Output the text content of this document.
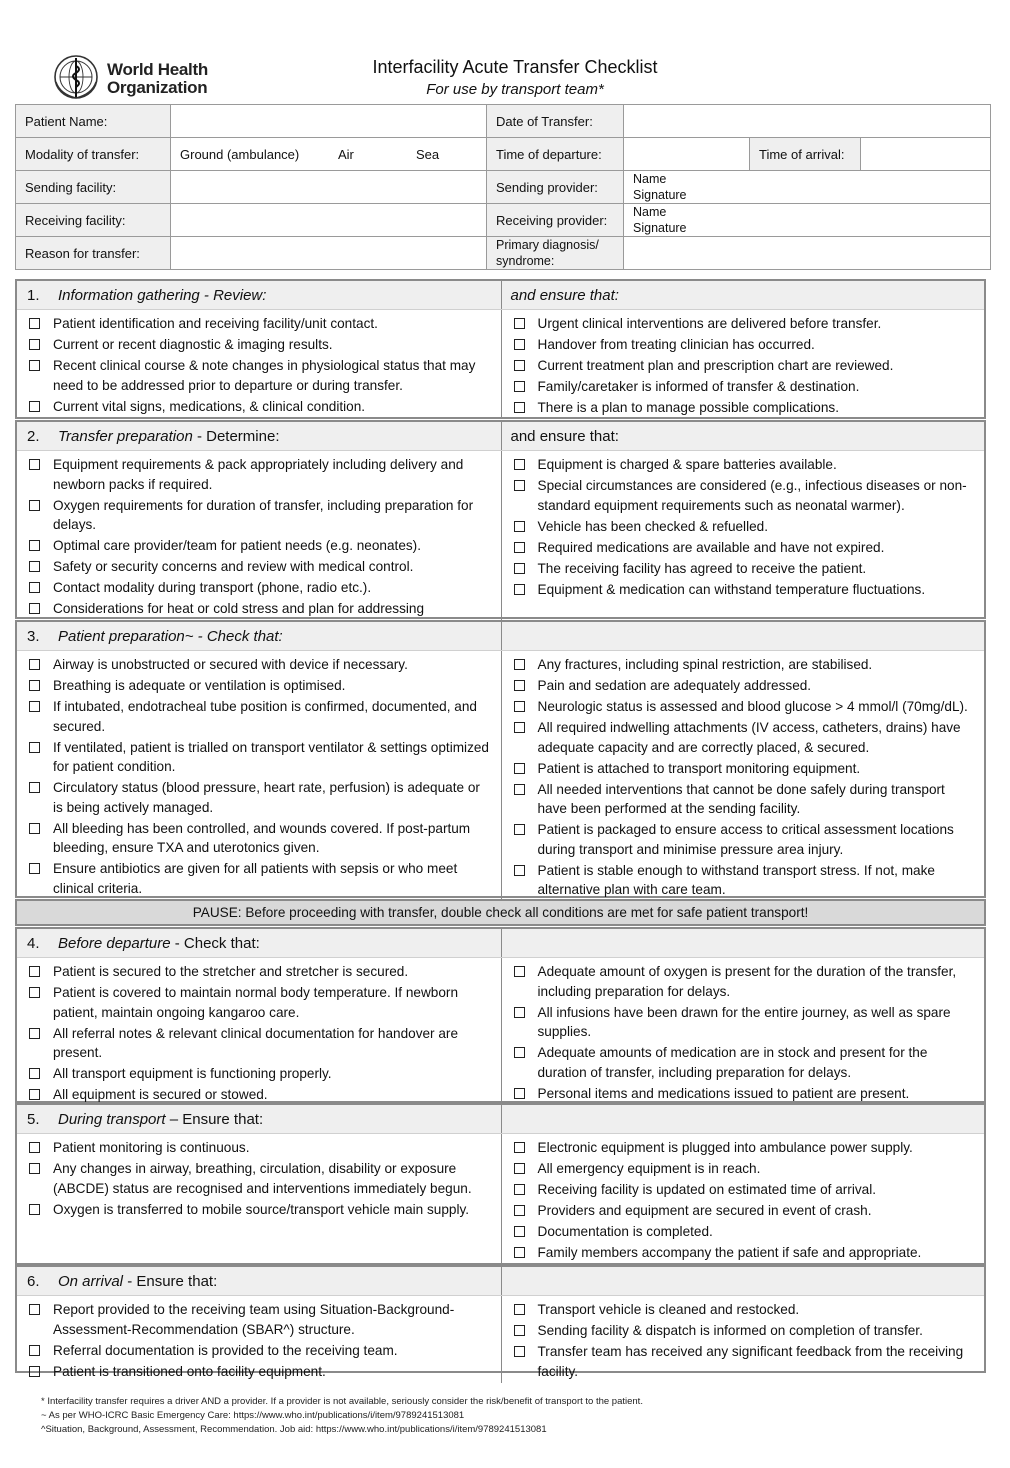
World Health
Organization
Interfacility Acute Transfer Checklist
For use by transport team*
Patient Name:		Date of Transfer:			
Modality of transfer:	Ground (ambulance) Air Sea	Time of departure:		Time of arrival:	
Sending facility:		Sending provider:	Name
Signature		

Receiving facility:		Receiving provider:	Name
Signature		

Reason for transfer:		Primary diagnosis/ syndrome:			
1. Information gathering - Review:	and ensure that:
Patient identification and receiving facility/unit contact.
Current or recent diagnostic & imaging results.
Recent clinical course & note changes in physiological status that may need to be addressed prior to departure or during transfer.
Current vital signs, medications, & clinical condition.
Urgent clinical interventions are delivered before transfer.
Handover from treating clinician has occurred.
Current treatment plan and prescription chart are reviewed.
Family/caretaker is informed of transfer & destination.
There is a plan to manage possible complications.
2. Transfer preparation - Determine:	and ensure that:
Equipment requirements & pack appropriately including delivery and newborn packs if required.
Oxygen requirements for duration of transfer, including preparation for delays.
Optimal care provider/team for patient needs (e.g. neonates).
Safety or security concerns and review with medical control.
Contact modality during transport (phone, radio etc.).
Considerations for heat or cold stress and plan for addressing
Equipment is charged & spare batteries available.
Special circumstances are considered (e.g., infectious diseases or non-standard equipment requirements such as neonatal warmer).
Vehicle has been checked & refuelled.
Required medications are available and have not expired.
The receiving facility has agreed to receive the patient.
Equipment & medication can withstand temperature fluctuations.
3. Patient preparation~ - Check that:
Airway is unobstructed or secured with device if necessary.
Breathing is adequate or ventilation is optimised.
If intubated, endotracheal tube position is confirmed, documented, and secured.
If ventilated, patient is trialled on transport ventilator & settings optimized for patient condition.
Circulatory status (blood pressure, heart rate, perfusion) is adequate or is being actively managed.
All bleeding has been controlled, and wounds covered. If post-partum bleeding, ensure TXA and uterotonics given.
Ensure antibiotics are given for all patients with sepsis or who meet clinical criteria.
Any fractures, including spinal restriction, are stabilised.
Pain and sedation are adequately addressed.
Neurologic status is assessed and blood glucose > 4 mmol/l (70mg/dL).
All required indwelling attachments (IV access, catheters, drains) have adequate capacity and are correctly placed, & secured.
Patient is attached to transport monitoring equipment.
All needed interventions that cannot be done safely during transport have been performed at the sending facility.
Patient is packaged to ensure access to critical assessment locations during transport and minimise pressure area injury.
Patient is stable enough to withstand transport stress. If not, make alternative plan with care team.
PAUSE: Before proceeding with transfer, double check all conditions are met for safe patient transport!
4. Before departure - Check that:
Patient is secured to the stretcher and stretcher is secured.
Patient is covered to maintain normal body temperature. If newborn patient, maintain ongoing kangaroo care.
All referral notes & relevant clinical documentation for handover are present.
All transport equipment is functioning properly.
All equipment is secured or stowed.
Adequate amount of oxygen is present for the duration of the transfer, including preparation for delays.
All infusions have been drawn for the entire journey, as well as spare supplies.
Adequate amounts of medication are in stock and present for the duration of transfer, including preparation for delays.
Personal items and medications issued to patient are present.
5. During transport – Ensure that:
Patient monitoring is continuous.
Any changes in airway, breathing, circulation, disability or exposure (ABCDE) status are recognised and interventions immediately begun.
Oxygen is transferred to mobile source/transport vehicle main supply.
Electronic equipment is plugged into ambulance power supply.
All emergency equipment is in reach.
Receiving facility is updated on estimated time of arrival.
Providers and equipment are secured in event of crash.
Documentation is completed.
Family members accompany the patient if safe and appropriate.
6. On arrival - Ensure that:
Report provided to the receiving team using Situation-Background-Assessment-Recommendation (SBAR^) structure.
Referral documentation is provided to the receiving team.
Patient is transitioned onto facility equipment.
Transport vehicle is cleaned and restocked.
Sending facility & dispatch is informed on completion of transfer.
Transfer team has received any significant feedback from the receiving facility.
* Interfacility transfer requires a driver AND a provider. If a provider is not available, seriously consider the risk/benefit of transport to the patient.
~ As per WHO-ICRC Basic Emergency Care: https://www.who.int/publications/i/item/9789241513081
^Situation, Background, Assessment, Recommendation. Job aid: https://www.who.int/publications/i/item/9789241513081
